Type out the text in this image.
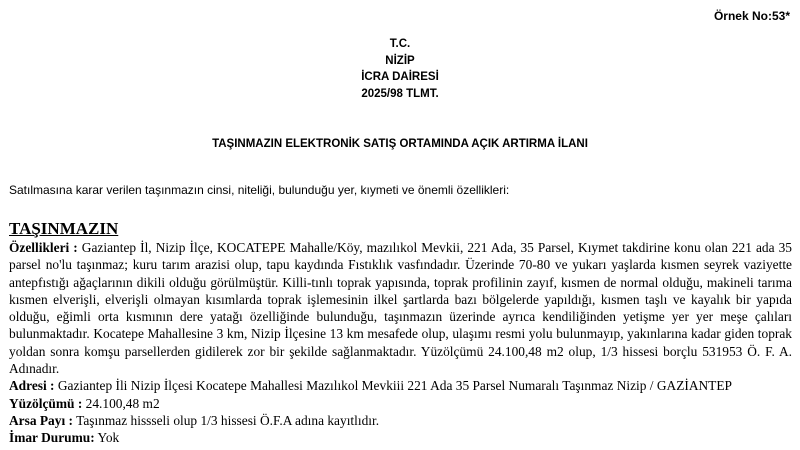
Örnek No:53*
T.C.
NİZİP
İCRA DAİRESİ
2025/98 TLMT.
TAŞINMAZIN ELEKTRONİK SATIŞ ORTAMINDA AÇIK ARTIRMA İLANI
Satılmasına karar verilen taşınmazın cinsi, niteliği, bulunduğu yer, kıymeti ve önemli özellikleri:
TAŞINMAZIN

Özellikleri : Gaziantep İl, Nizip İlçe, KOCATEPE Mahalle/Köy, mazılıkol Mevkii, 221 Ada, 35 Parsel, Kıymet takdirine konu olan 221 ada 35 parsel no'lu taşınmaz; kuru tarım arazisi olup, tapu kaydında Fıstıklık vasfındadır. Üzerinde 70-80 ve yukarı yaşlarda kısmen seyrek vaziyette antepfıstığı ağaçlarının dikili olduğu görülmüştür. Killi-tınlı toprak yapısında, toprak profilinin zayıf, kısmen de normal olduğu, makineli tarıma kısmen elverişli, elverişli olmayan kısımlarda toprak işlemesinin ilkel şartlarda bazı bölgelerde yapıldığı, kısmen taşlı ve kayalık bir yapıda olduğu, eğimli orta kısmının dere yatağı özelliğinde bulunduğu, taşınmazın üzerinde ayrıca kendiliğinden yetişme yer yer meşe çalıları bulunmaktadır. Kocatepe Mahallesine 3 km, Nizip İlçesine 13 km mesafede olup, ulaşımı resmi yolu bulunmayıp, yakınlarına kadar giden toprak yoldan sonra komşu parsellerden gidilerek zor bir şekilde sağlanmaktadır. Yüzölçümü 24.100,48 m2 olup, 1/3 hissesi borçlu 531953 Ö. F. A. Adınadır.

Adresi : Gaziantep İli Nizip İlçesi Kocatepe Mahallesi Mazılıkol Mevkiii 221 Ada 35 Parsel Numaralı Taşınmaz Nizip / GAZİANTEP

Yüzölçümü : 24.100,48 m2

Arsa Payı : Taşınmaz hissseli olup 1/3 hissesi Ö.F.A adına kayıtlıdır.

İmar Durumu: Yok
